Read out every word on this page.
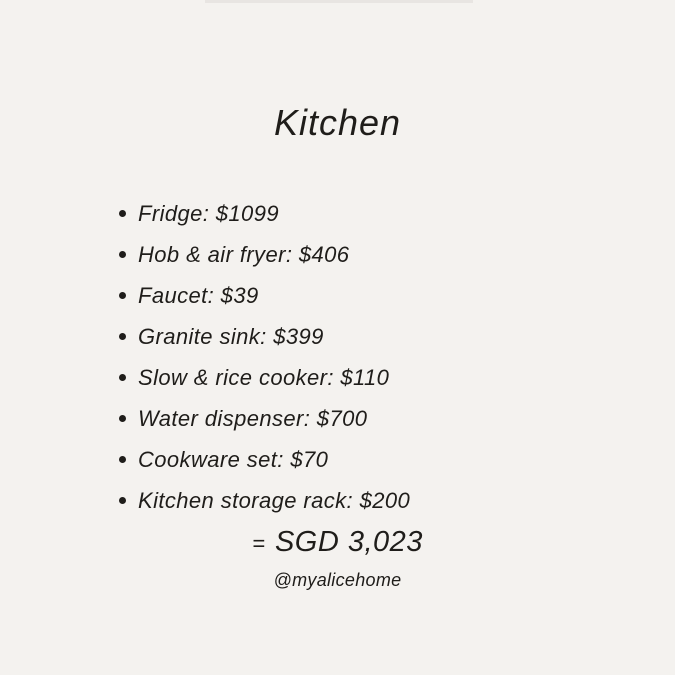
Kitchen
Fridge: $1099
Hob & air fryer: $406
Faucet: $39
Granite sink: $399
Slow & rice cooker: $110
Water dispenser: $700
Cookware set: $70
Kitchen storage rack: $200
= SGD 3,023
@myalicehome
